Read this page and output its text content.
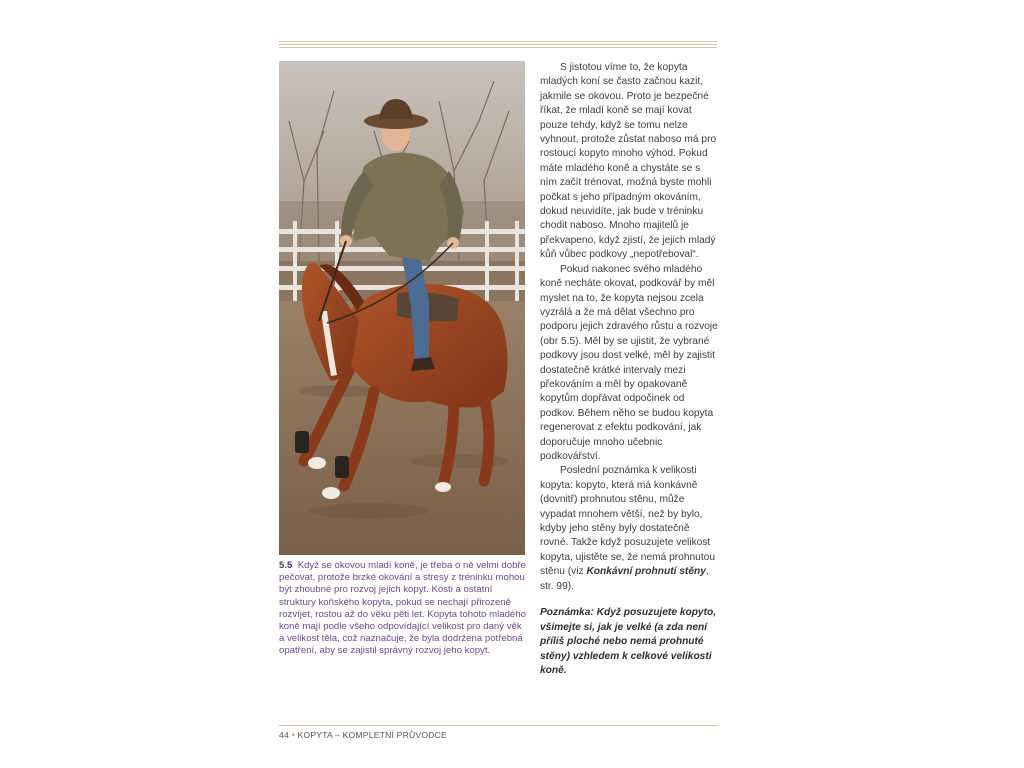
5.5 Když se okovou mladí koně, je třeba o ně velmi dobře pečovat, protože brzké okování a stresy z tréninku mohou být zhoubné pro rozvoj jejich kopyt. Kosti a ostatní struktury koňského kopyta, pokud se nechají přirozeně rozvíjet, rostou až do věku pěti let. Kopyta tohoto mladého koně mají podle všeho odpovídající velikost pro daný věk a velikost těla, což naznačuje, že byla dodržena potřebná opatření, aby se zajistil správný rozvoj jeho kopyt.

S jistotou víme to, že kopyta mladých koní se často začnou kazit, jakmile se okovou. Proto je bezpečné říkat, že mladí koně se mají kovat pouze tehdy, když se tomu nelze vyhnout, protože zůstat naboso má pro rostoucí kopyto mnoho výhod. Pokud máte mladého koně a chystáte se s ním začít trénovat, možná byste mohli počkat s jeho případným okováním, dokud neuvidíte, jak bude v tréninku chodit naboso. Mnoho majitelů je překvapeno, když zjistí, že jejich mladý kůň vůbec podkovy „nepotřeboval“.

Pokud nakonec svého mladého koně necháte okovat, podkovář by měl myslet na to, že kopyta nejsou zcela vyzrálá a že má dělat všechno pro podporu jejich zdravého růstu a rozvoje (obr 5.5). Měl by se ujistit, že vybrané podkovy jsou dost velké, měl by zajistit dostatečně krátké intervaly mezi překováním a měl by opakovaně kopytům dopřávat odpočinek od podkov. Během něho se budou kopyta regenerovat z efektu podkování, jak doporučuje mnoho učebnic podkovářství.

Poslední poznámka k velikosti kopyta: kopyto, která má konkávně (dovnitř) prohnutou stěnu, může vypadat mnohem větší, než by bylo, kdyby jeho stěny byly dostatečně rovné. Takže když posuzujete velikost kopyta, ujistěte se, že nemá prohnutou stěnu (viz Konkávní prohnutí stěny, str. 99).

Poznámka: Když posuzujete kopyto, všimejte si, jak je velké (a zda není příliš ploché nebo nemá prohnuté stěny) vzhledem k celkové velikosti koně.

44 • KOPYTA – KOMPLETNÍ PRŮVODCE
